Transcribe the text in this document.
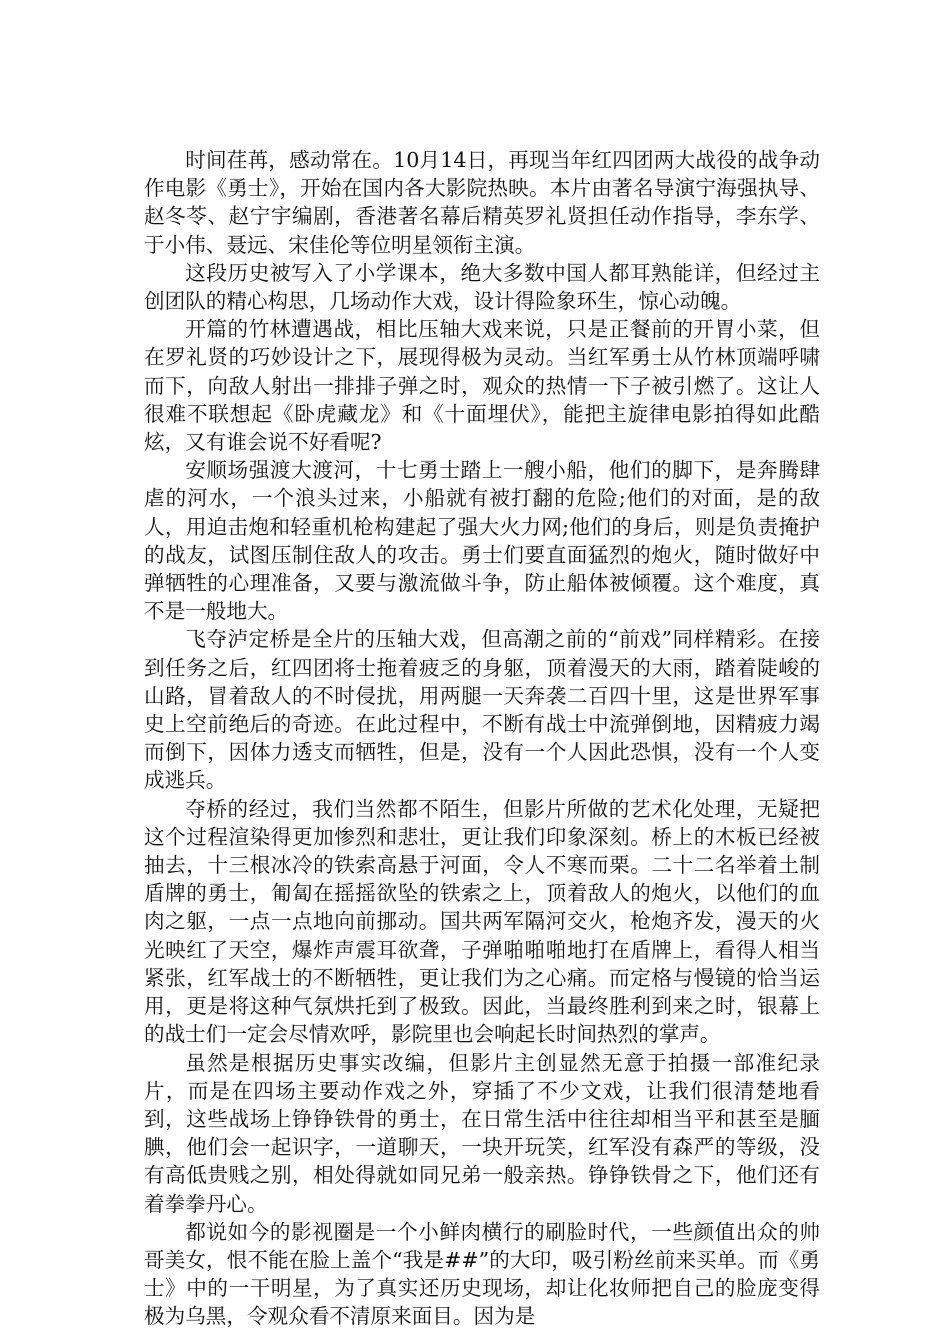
时间荏苒，感动常在。10月14日，再现当年红四团两大战役的战争动作电影《勇士》，开始在国内各大影院热映。本片由著名导演宁海强执导、赵冬苓、赵宁宇编剧，香港著名幕后精英罗礼贤担任动作指导，李东学、于小伟、聂远、宋佳伦等位明星领衔主演。

这段历史被写入了小学课本，绝大多数中国人都耳熟能详，但经过主创团队的精心构思，几场动作大戏，设计得险象环生，惊心动魄。

开篇的竹林遭遇战，相比压轴大戏来说，只是正餐前的开胃小菜，但在罗礼贤的巧妙设计之下，展现得极为灵动。当红军勇士从竹林顶端呼啸而下，向敌人射出一排排子弹之时，观众的热情一下子被引燃了。这让人很难不联想起《卧虎藏龙》和《十面埋伏》，能把主旋律电影拍得如此酷炫，又有谁会说不好看呢?

安顺场强渡大渡河，十七勇士踏上一艘小船，他们的脚下，是奔腾肆虐的河水，一个浪头过来，小船就有被打翻的危险;他们的对面，是的敌人，用迫击炮和轻重机枪构建起了强大火力网;他们的身后，则是负责掩护的战友，试图压制住敌人的攻击。勇士们要直面猛烈的炮火，随时做好中弹牺牲的心理准备，又要与激流做斗争，防止船体被倾覆。这个难度，真不是一般地大。

飞夺泸定桥是全片的压轴大戏，但高潮之前的“前戏”同样精彩。在接到任务之后，红四团将士拖着疲乏的身躯，顶着漫天的大雨，踏着陡峻的山路，冒着敌人的不时侵扰，用两腿一天奔袭二百四十里，这是世界军事史上空前绝后的奇迹。在此过程中，不断有战士中流弹倒地，因精疲力竭而倒下，因体力透支而牺牲，但是，没有一个人因此恐惧，没有一个人变成逃兵。

夺桥的经过，我们当然都不陌生，但影片所做的艺术化处理，无疑把这个过程渲染得更加惨烈和悲壮，更让我们印象深刻。桥上的木板已经被抽去，十三根冰冷的铁索高悬于河面，令人不寒而栗。二十二名举着土制盾牌的勇士，匍匐在摇摇欲坠的铁索之上，顶着敌人的炮火，以他们的血肉之躯，一点一点地向前挪动。国共两军隔河交火，枪炮齐发，漫天的火光映红了天空，爆炸声震耳欲聋，子弹啪啪啪地打在盾牌上，看得人相当紧张，红军战士的不断牺牲，更让我们为之心痛。而定格与慢镜的恰当运用，更是将这种气氛烘托到了极致。因此，当最终胜利到来之时，银幕上的战士们一定会尽情欢呼，影院里也会响起长时间热烈的掌声。

虽然是根据历史事实改编，但影片主创显然无意于拍摄一部准纪录片，而是在四场主要动作戏之外，穿插了不少文戏，让我们很清楚地看到，这些战场上铮铮铁骨的勇士，在日常生活中往往却相当平和甚至是腼腆，他们会一起识字，一道聊天，一块开玩笑，红军没有森严的等级，没有高低贵贱之别，相处得就如同兄弟一般亲热。铮铮铁骨之下，他们还有着拳拳丹心。

都说如今的影视圈是一个小鲜肉横行的刷脸时代，一些颜值出众的帅哥美女，恨不能在脸上盖个“我是##”的大印，吸引粉丝前来买单。而《勇士》中的一干明星，为了真实还历史现场，却让化妆师把自己的脸庞变得极为乌黑，令观众看不清原来面目。因为是
